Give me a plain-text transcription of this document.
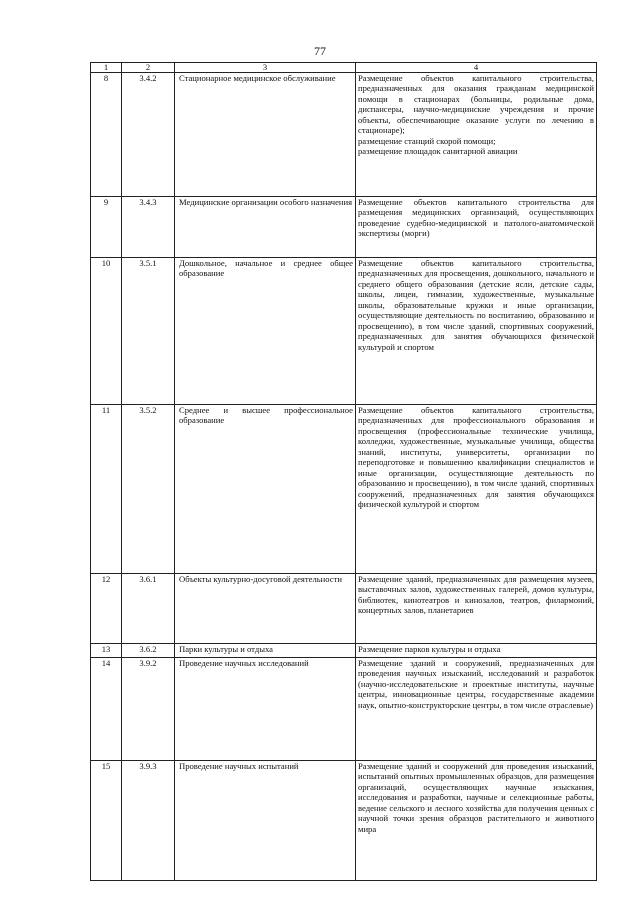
77
1	2	3	4
8	3.4.2	Стационарное медицинское обслуживание	Размещение объектов капитального строительства, предназначенных для оказания гражданам медицинской помощи в стационарах (больницы, родильные дома, диспансеры, научно-медицинские учреждения и прочие объекты, обеспечивающие оказание услуги по лечению в стационаре);

размещение станций скорой помощи;

размещение площадок санитарной авиации

9	3.4.3	Медицинские организации особого назначения	Размещение объектов капитального строительства для размещения медицинских организаций, осуществляющих проведение судебно-медицинской и патолого-анатомической экспертизы (морги)

10	3.5.1	Дошкольное, начальное и среднее общее образование	Размещение объектов капитального строительства, предназначенных для просвещения, дошкольного, начального и среднего общего образования (детские ясли, детские сады, школы, лицеи, гимназии, художественные, музыкальные школы, образовательные кружки и иные организации, осуществляющие деятельность по воспитанию, образованию и просвещению), в том числе зданий, спортивных сооружений, предназначенных для занятия обучающихся физической культурой и спортом

11	3.5.2	Среднее и высшее профессиональное образование	Размещение объектов капитального строительства, предназначенных для профессионального образования и просвещения (профессиональные технические училища, колледжи, художественные, музыкальные училища, общества знаний, институты, университеты, организации по переподготовке и повышению квалификации специалистов и иные организации, осуществляющие деятельность по образованию и просвещению), в том числе зданий, спортивных сооружений, предназначенных для занятия обучающихся физической культурой и спортом

12	3.6.1	Объекты культурно-досуговой деятельности	Размещение зданий, предназначенных для размещения музеев, выставочных залов, художественных галерей, домов культуры, библиотек, кинотеатров и кинозалов, театров, филармоний, концертных залов, планетариев

13	3.6.2	Парки культуры и отдыха	Размещение парков культуры и отдыха

14	3.9.2	Проведение научных исследований	Размещение зданий и сооружений, предназначенных для проведения научных изысканий, исследований и разработок (научно-исследовательские и проектные институты, научные центры, инновационные центры, государственные академии наук, опытно-конструкторские центры, в том числе отраслевые)

15	3.9.3	Проведение научных испытаний	Размещение зданий и сооружений для проведения изысканий, испытаний опытных промышленных образцов, для размещения организаций, осуществляющих научные изыскания, исследования и разработки, научные и селекционные работы, ведение сельского и лесного хозяйства для получения ценных с научной точки зрения образцов растительного и животного мира
